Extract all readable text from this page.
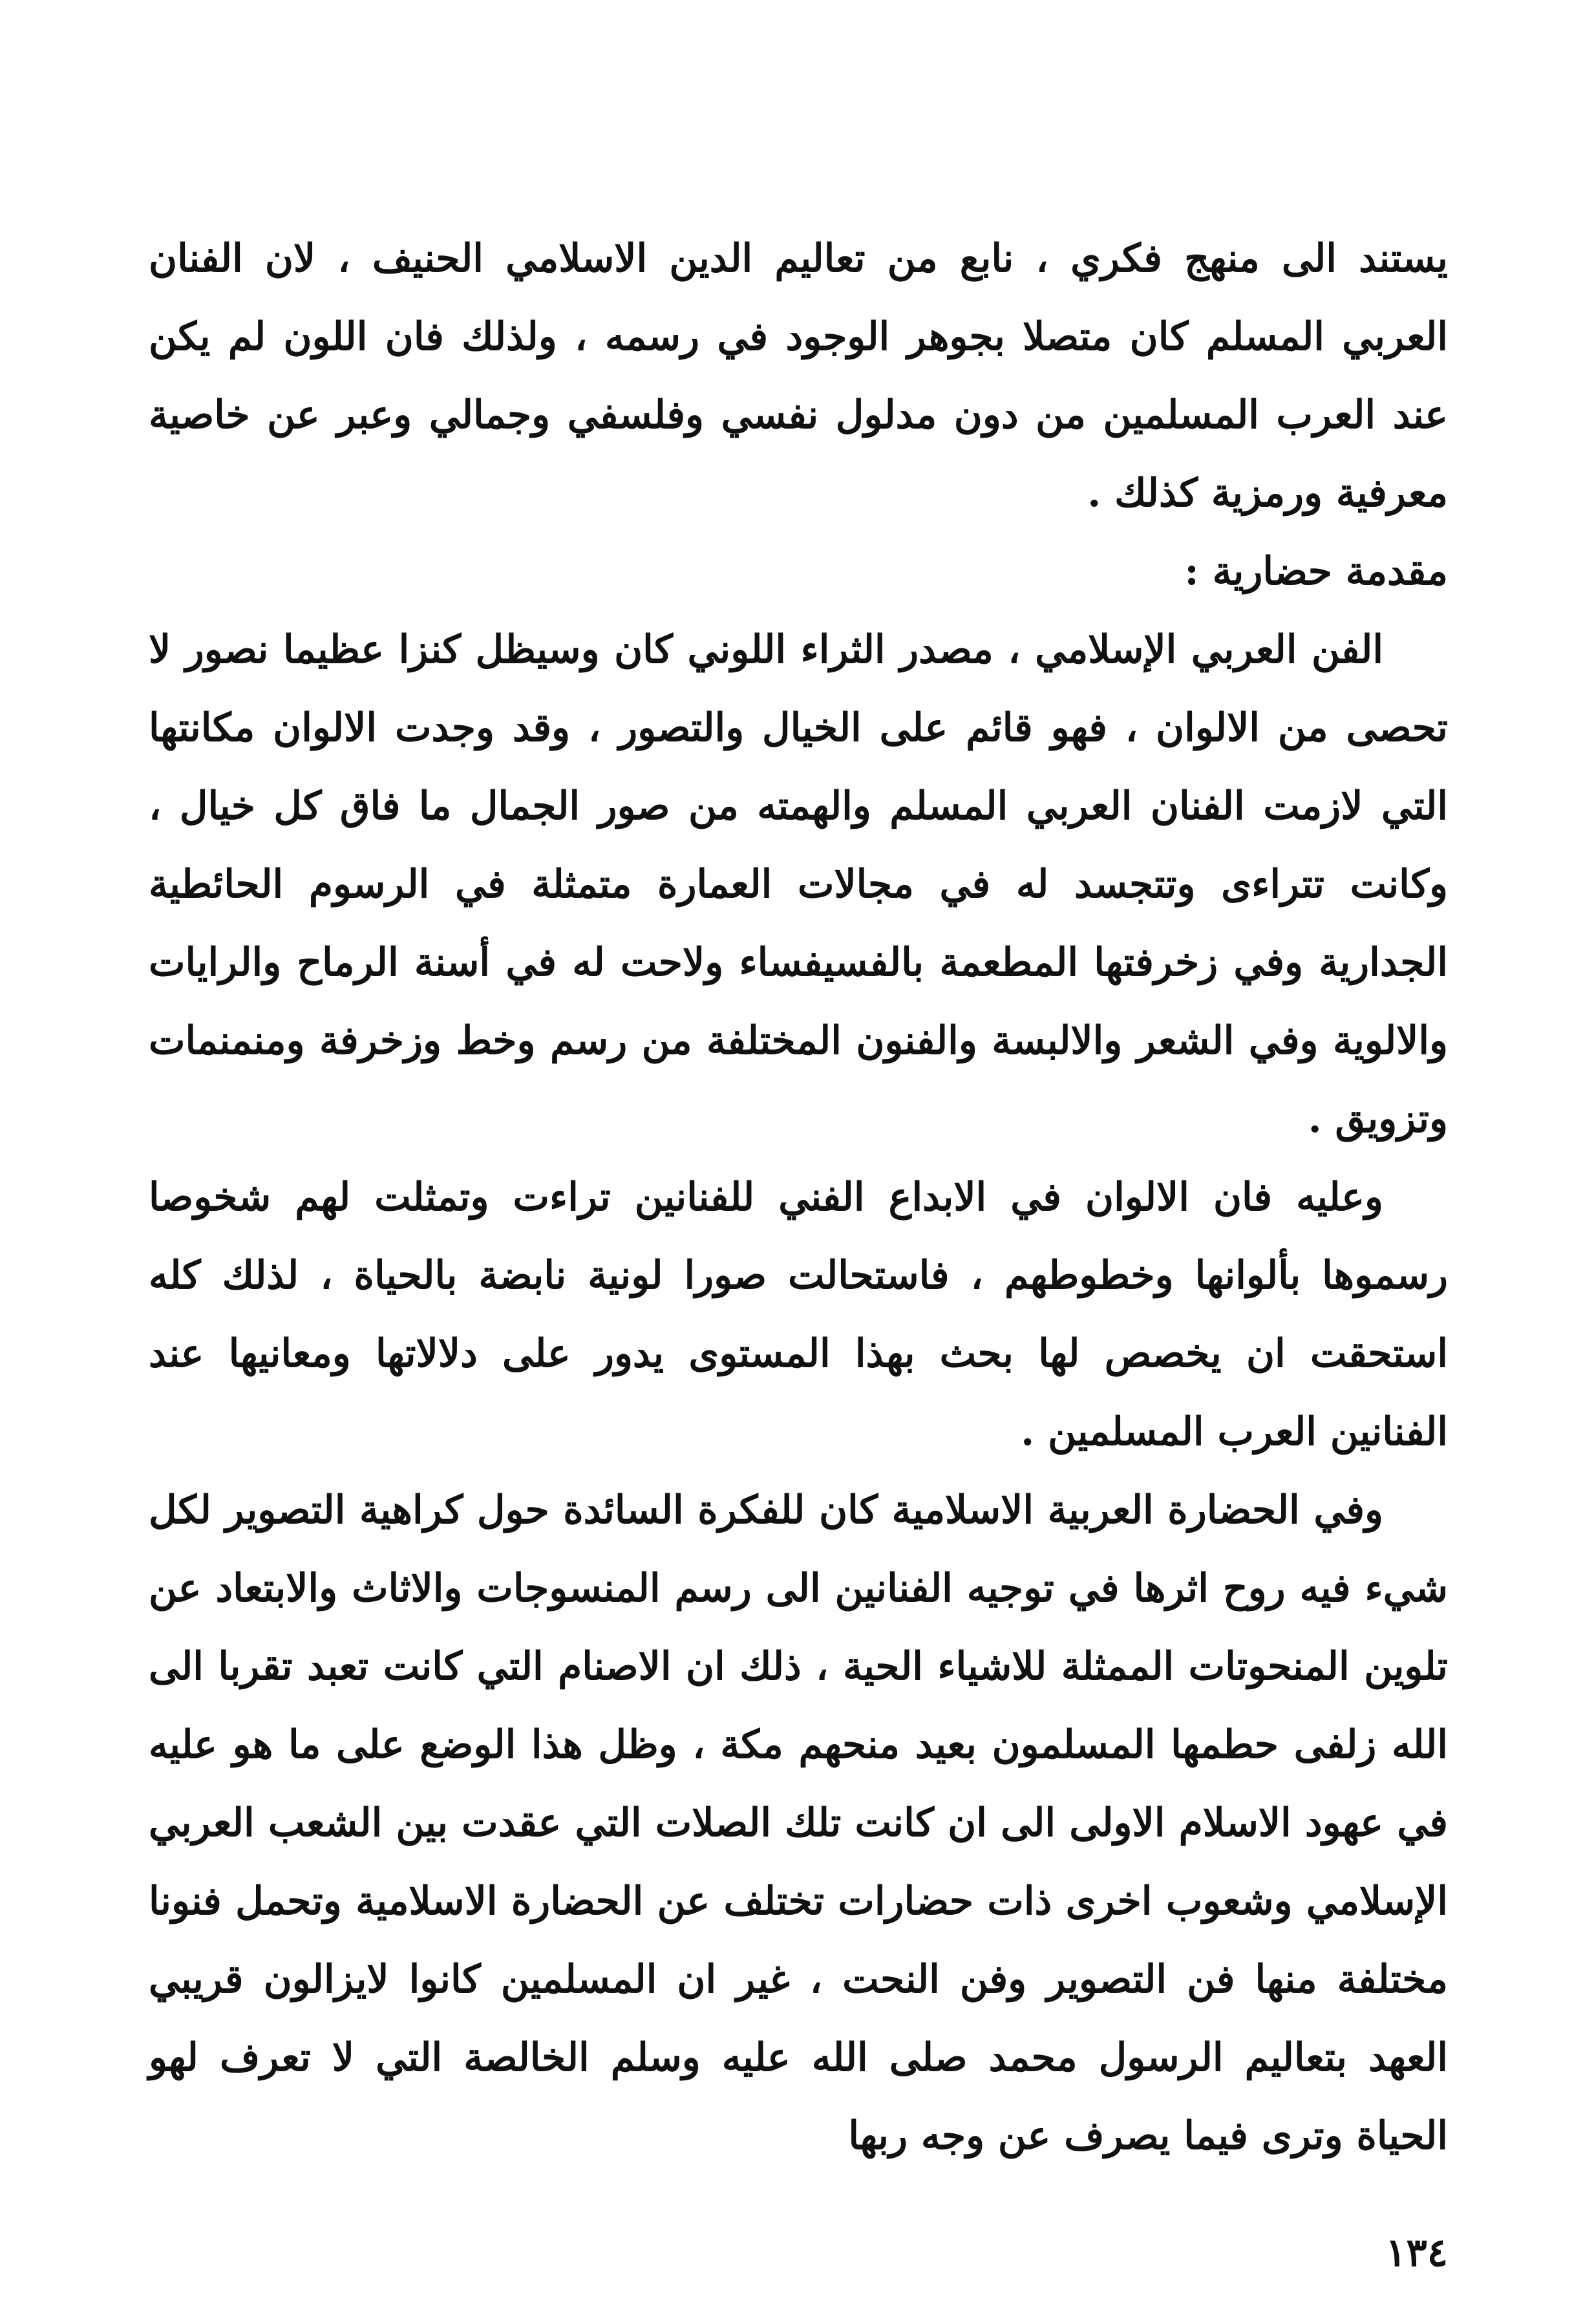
يستند الى منهج فكري ، نابع من تعاليم الدين الاسلامي الحنيف ، لان الفنان العربي المسلم كان متصلا بجوهر الوجود في رسمه ، ولذلك فان اللون لم يكن عند العرب المسلمين من دون مدلول نفسي وفلسفي وجمالي وعبر عن خاصية معرفية ورمزية كذلك .

مقدمة حضارية :

الفن العربي الإسلامي ، مصدر الثراء اللوني كان وسيظل كنزا عظيما نصور لا تحصى من الالوان ، فهو قائم على الخيال والتصور ، وقد وجدت الالوان مكانتها التي لازمت الفنان العربي المسلم والهمته من صور الجمال ما فاق كل خيال ، وكانت تتراءى وتتجسد له في مجالات العمارة متمثلة في الرسوم الحائطية الجدارية وفي زخرفتها المطعمة بالفسيفساء ولاحت له في أسنة الرماح والرايات والالوية وفي الشعر والالبسة والفنون المختلفة من رسم وخط وزخرفة ومنمنمات وتزويق .

وعليه فان الالوان في الابداع الفني للفنانين تراءت وتمثلت لهم شخوصا رسموها بألوانها وخطوطهم ، فاستحالت صورا لونية نابضة بالحياة ، لذلك كله استحقت ان يخصص لها بحث بهذا المستوى يدور على دلالاتها ومعانيها عند الفنانين العرب المسلمين .

وفي الحضارة العربية الاسلامية كان للفكرة السائدة حول كراهية التصوير لكل شيء فيه روح اثرها في توجيه الفنانين الى رسم المنسوجات والاثاث والابتعاد عن تلوين المنحوتات الممثلة للاشياء الحية ، ذلك ان الاصنام التي كانت تعبد تقربا الى الله زلفى حطمها المسلمون بعيد منحهم مكة ، وظل هذا الوضع على ما هو عليه في عهود الاسلام الاولى الى ان كانت تلك الصلات التي عقدت بين الشعب العربي الإسلامي وشعوب اخرى ذات حضارات تختلف عن الحضارة الاسلامية وتحمل فنونا مختلفة منها فن التصوير وفن النحت ، غير ان المسلمين كانوا لايزالون قريبي العهد بتعاليم الرسول محمد صلى الله عليه وسلم الخالصة التي لا تعرف لهو الحياة وترى فيما يصرف عن وجه ربها

١٣٤
